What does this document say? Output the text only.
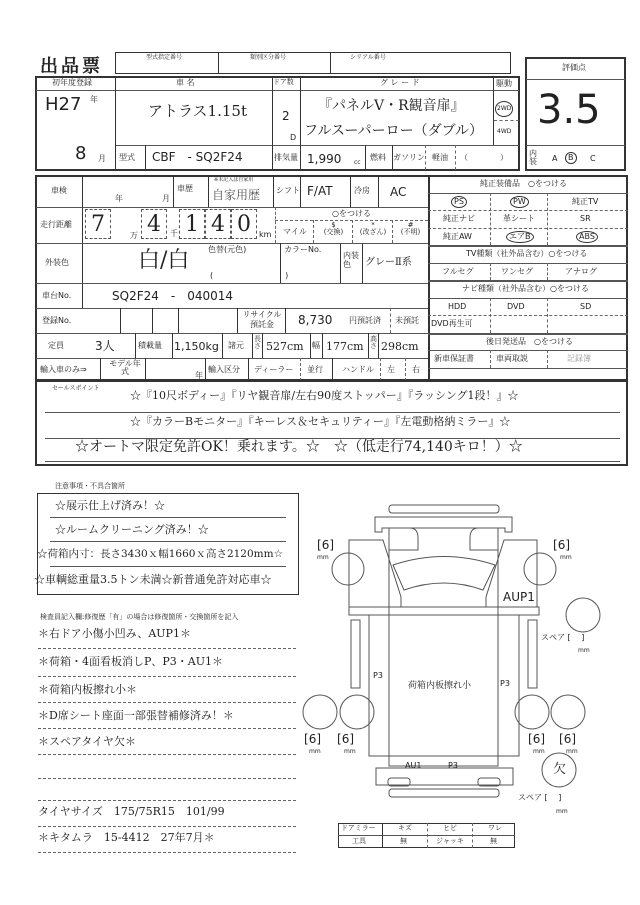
出品票	型式指定番号	類別区分番号	シリアル番号
評価点
3.5
内装 A	B	C
初年度登録
H27 年
8 月
車 名
アトラス1.15t
ドア数
2
D
グ レ ー ド
『パネルV・R観音扉』
フルスーパーロー（ダブル）
駆動
2WD
4WD
型式 CBF　- SQ2F24	排気量 1,990 cc
燃料 ガソリン 軽油 （　　　　）
車検
年	月
車歴
※未記入は自家用
自家用歴 シフト F/AT	冷房 AC
走行距離 7	万 4	千 1 4 0	km
○をつける
マイル
$
(交換)
*
(改ざん)
#
(不明)
外装色	白/白 色替(元色)
(　　　　　　　　　)
カラーNo.
内装色	グレーⅡ系
車台No.	SQ2F24　-　040014
登録No.
リサイクル預託金	8,730 円預託済 未預託
定員	3人	積載量 1,150kg 諸元
長さ 527cm 幅 177cm
高さ 298cm
輸入車のみ⇒
モデル年式	年
輸入区分 ディーラー 並行 ハンドル 左 右
純正装備品　○をつける
PS	PW	純正TV
純正ナビ	革シート	SR
純正AW	エアB	ABS
TV種類（社外品含む）○をつける
フルセグ	ワンセグ	アナログ
ナビ種類（社外品含む）○をつける
HDD	DVD	SD
DVD再生可
後日発送品　○をつける
新車保証書	車両取説	記録簿
セールスポイント
☆『10尺ボディー』『リヤ観音扉/左右90度ストッパー』『ラッシング1段！』☆
☆『カラーBモニター』『キーレス＆セキュリティー』『左電動格納ミラー』☆
☆オートマ限定免許OK！乗れます。☆　☆（低走行74,140キロ！）☆
注意事項・不具合箇所
☆展示仕上げ済み！☆
☆ルームクリーニング済み！☆
☆荷箱内寸：長さ3430ｘ幅1660ｘ高さ2120mm☆
☆車輌総重量3.5トン未満☆新普通免許対応車☆
検査員記入欄:修復歴「有」の場合は修復箇所・交換箇所を記入
＊右ドア小傷小凹み、AUP1＊
＊荷箱・4面看板消しP、P3・AU1＊
＊荷箱内板擦れ小＊
＊D席シート座面一部張替補修済み！＊
＊スペアタイヤ欠＊
タイヤサイズ　175/75R15　101/99
＊キタムラ　15-4412　27年7月＊
[6]
mm
[6]
mm
AUP1
スペア [　 ]
mm
P3
荷箱内板擦れ小	P3
[6]
mm
[6]
mm
[6]
mm
[6]
mm
AU1	P3	欠
スペア [　 ]
mm
ドアミラー	キズ	ヒビ	ワレ
工具	無	ジャッキ	無
